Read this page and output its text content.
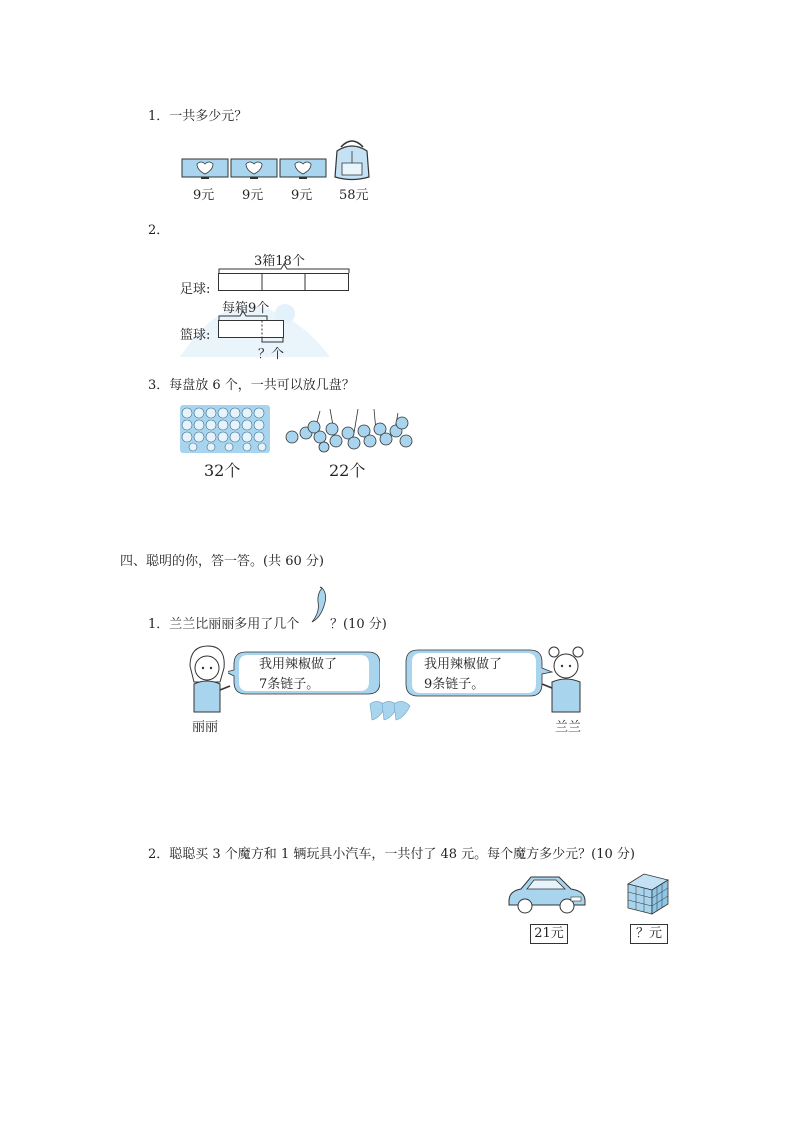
1．一共多少元？
9元 9元 9元 58元
2．
3箱18个
足球:
每箱9个
篮球:
？个
3．每盘放 6 个，一共可以放几盘？
32个	22个
四、聪明的你，答一答。(共 60 分)
1．兰兰比丽丽多用了几个 ？(10 分)
我用辣椒做了
7条链子。
我用辣椒做了
9条链子。
丽丽	兰兰
2．聪聪买 3 个魔方和 1 辆玩具小汽车，一共付了 48 元。每个魔方多少元？(10 分)
21元	？元
